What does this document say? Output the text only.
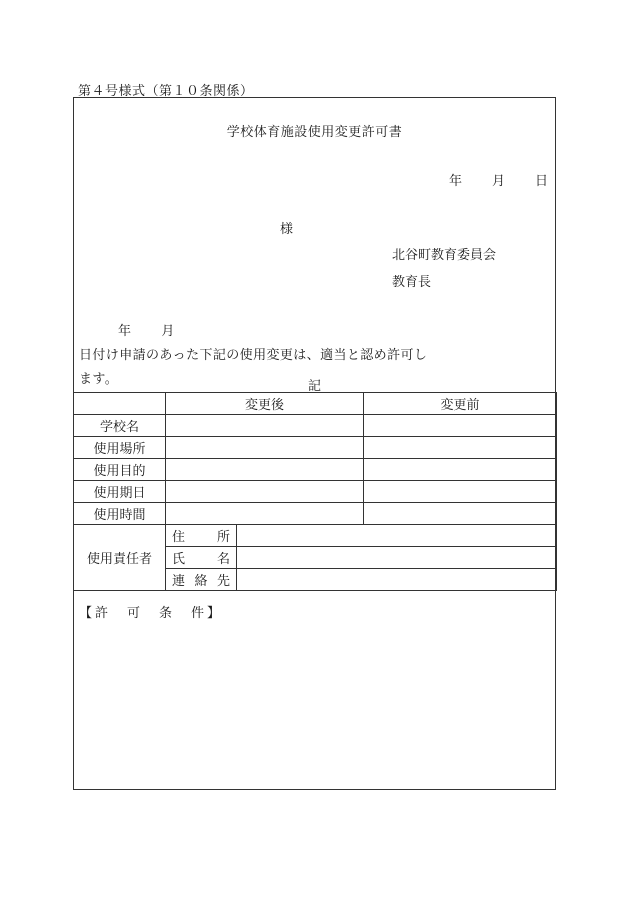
第４号様式（第１０条関係）
学校体育施設使用変更許可書
年 月 日
様
北谷町教育委員会
教育長
年 月日付け申請のあった下記の使用変更は、適当と認め許可し
ます。	記
	変更後		変更前
学校名			
使用場所			
使用目的			
使用期日			
使用時間			
使用責任者	住 所		

	氏 名		

	連 絡 先		

【許　可　条　件】
